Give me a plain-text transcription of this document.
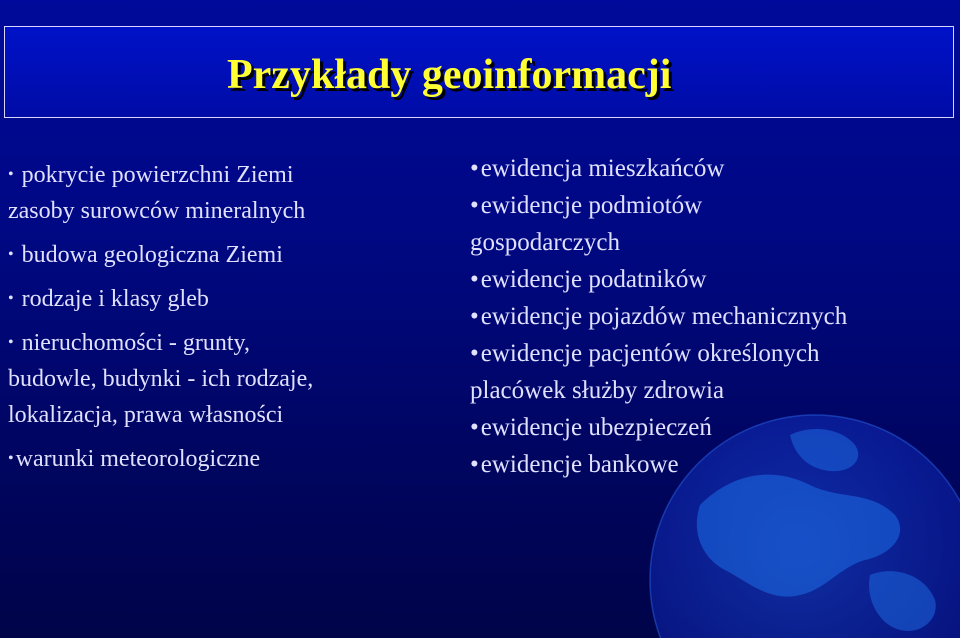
Przykłady geoinformacji
• pokrycie powierzchni Ziemi
zasoby surowców mineralnych
• budowa geologiczna Ziemi
• rodzaje i klasy gleb
• nieruchomości - grunty,
budowle, budynki - ich rodzaje,
lokalizacja, prawa własności
•warunki meteorologiczne
•ewidencja mieszkańców
•ewidencje podmiotów
gospodarczych
•ewidencje podatników
•ewidencje pojazdów mechanicznych
•ewidencje pacjentów określonych
placówek służby zdrowia
•ewidencje ubezpieczeń
•ewidencje bankowe
